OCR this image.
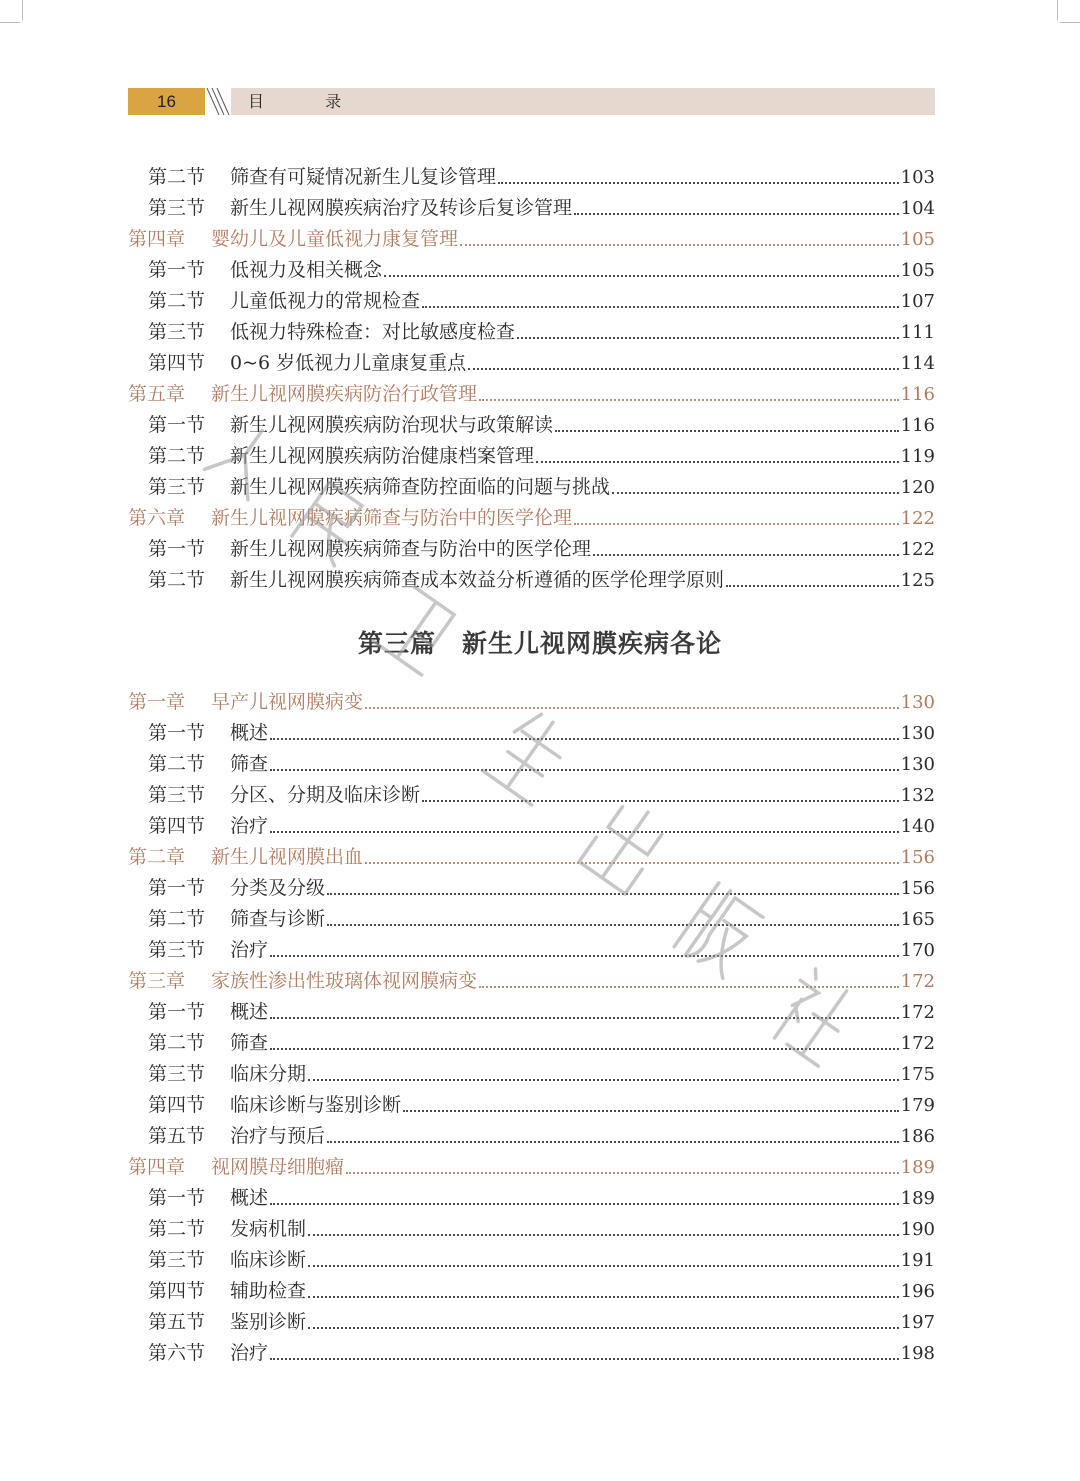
16	目 录
第二节	筛查有可疑情况新生儿复诊管理	103
第三节	新生儿视网膜疾病治疗及转诊后复诊管理	104
第四章	婴幼儿及儿童低视力康复管理	105
第一节	低视力及相关概念	105
第二节	儿童低视力的常规检查	107
第三节	低视力特殊检查：对比敏感度检查	111
第四节	0~6 岁低视力儿童康复重点	114
第五章	新生儿视网膜疾病防治行政管理	116
第一节	新生儿视网膜疾病防治现状与政策解读	116
第二节	新生儿视网膜疾病防治健康档案管理	119
第三节	新生儿视网膜疾病筛查防控面临的问题与挑战	120
第六章	新生儿视网膜疾病筛查与防治中的医学伦理	122
第一节	新生儿视网膜疾病筛查与防治中的医学伦理	122
第二节	新生儿视网膜疾病筛查成本效益分析遵循的医学伦理学原则	125
第三篇　新生儿视网膜疾病各论
第一章	早产儿视网膜病变	130
第一节	概述	130
第二节	筛查	130
第三节	分区、分期及临床诊断	132
第四节	治疗	140
第二章	新生儿视网膜出血	156
第一节	分类及分级	156
第二节	筛查与诊断	165
第三节	治疗	170
第三章	家族性渗出性玻璃体视网膜病变	172
第一节	概述	172
第二节	筛查	172
第三节	临床分期	175
第四节	临床诊断与鉴别诊断	179
第五节	治疗与预后	186
第四章	视网膜母细胞瘤	189
第一节	概述	189
第二节	发病机制	190
第三节	临床诊断	191
第四节	辅助检查	196
第五节	鉴别诊断	197
第六节	治疗	198
